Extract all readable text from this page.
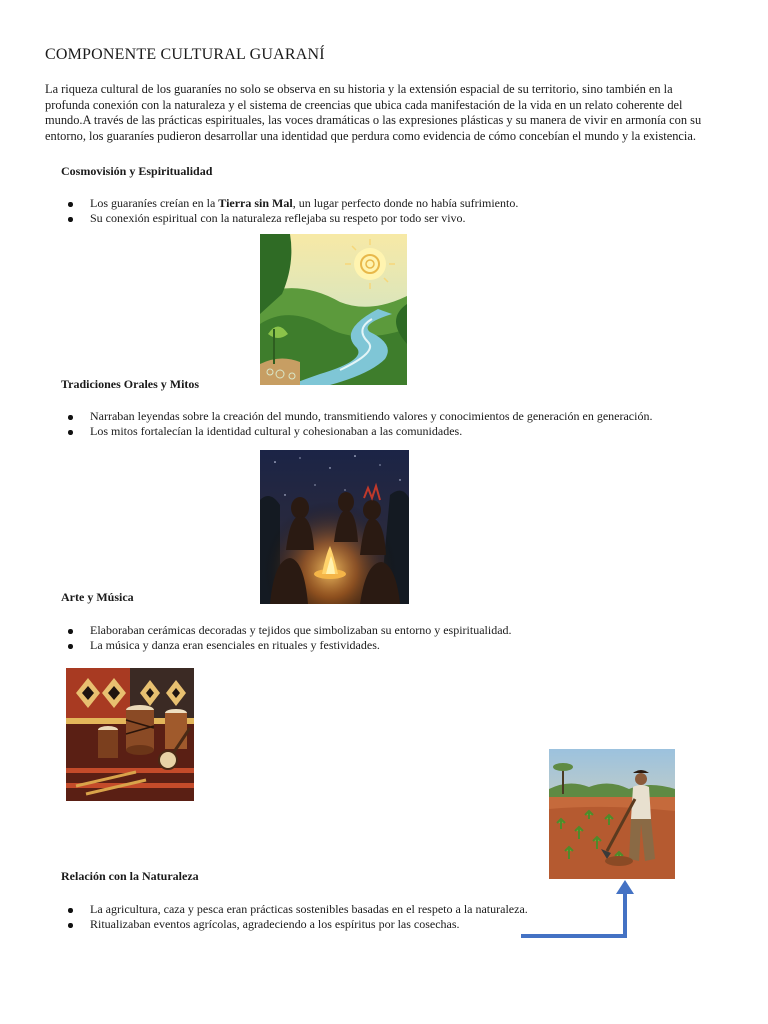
COMPONENTE CULTURAL GUARANÍ
La riqueza cultural de los guaraníes no solo se observa en su historia y la extensión espacial de su territorio, sino también en la profunda conexión con la naturaleza y el sistema de creencias que ubica cada manifestación de la vida en un relato coherente del mundo.A través de las prácticas espirituales, las voces dramáticas o las expresiones plásticas y su manera de vivir en armonía con su entorno, los guaraníes pudieron desarrollar una identidad que perdura como evidencia de cómo concebían el mundo y la existencia.
Cosmovisión y Espiritualidad
Los guaraníes creían en la Tierra sin Mal, un lugar perfecto donde no había sufrimiento.
Su conexión espiritual con la naturaleza reflejaba su respeto por todo ser vivo.
Tradiciones Orales y Mitos
Narraban leyendas sobre la creación del mundo, transmitiendo valores y conocimientos de generación en generación.
Los mitos fortalecían la identidad cultural y cohesionaban a las comunidades.
Arte y Música
Elaboraban cerámicas decoradas y tejidos que simbolizaban su entorno y espiritualidad.
La música y danza eran esenciales en rituales y festividades.
Relación con la Naturaleza
La agricultura, caza y pesca eran prácticas sostenibles basadas en el respeto a la naturaleza.
Ritualizaban eventos agrícolas, agradeciendo a los espíritus por las cosechas.
